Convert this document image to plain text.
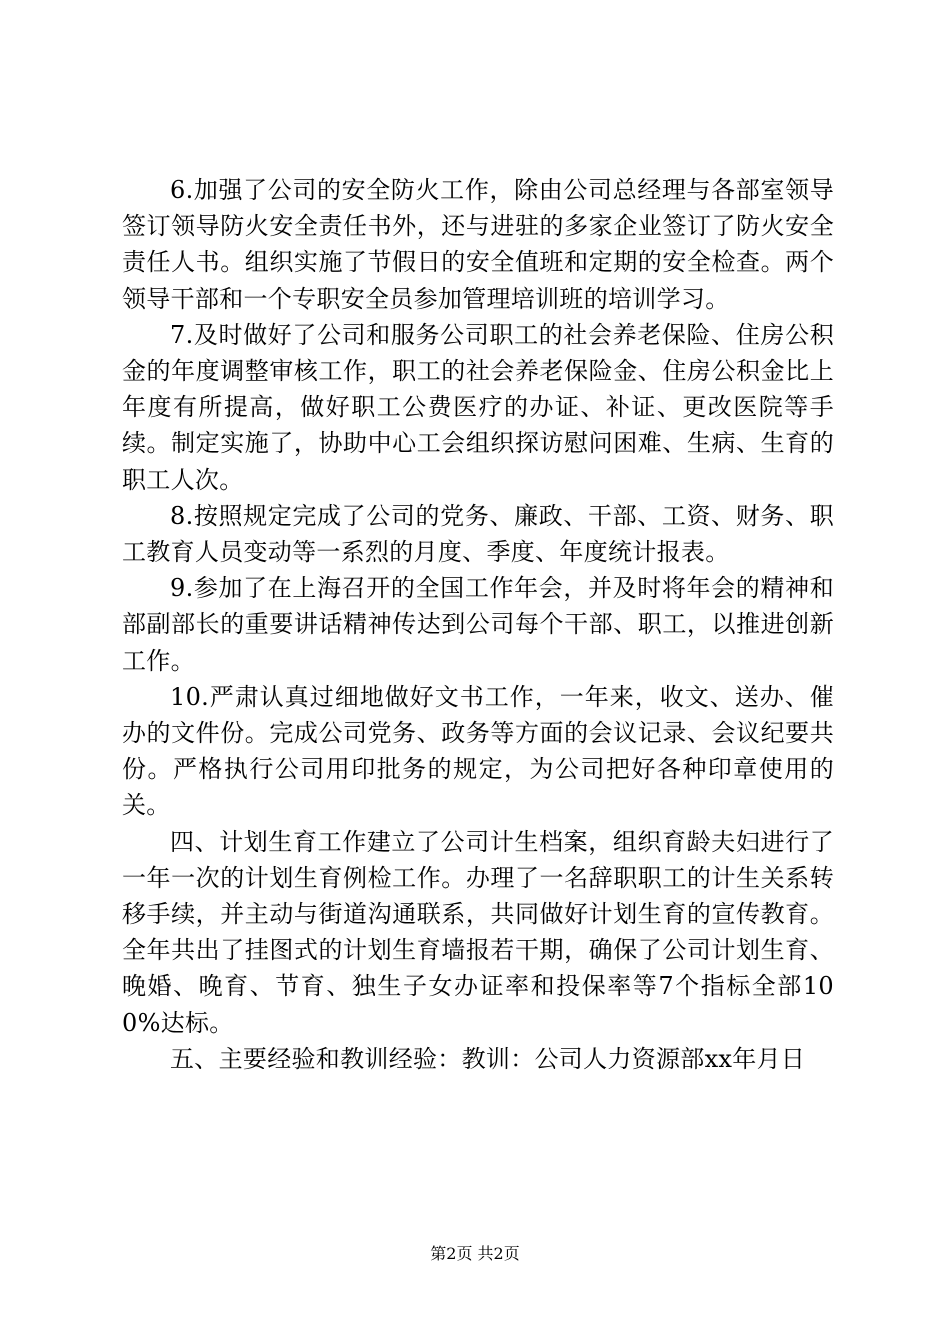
6.加强了公司的安全防火工作，除由公司总经理与各部室领导签订领导防火安全责任书外，还与进驻的多家企业签订了防火安全责任人书。组织实施了节假日的安全值班和定期的安全检查。两个领导干部和一个专职安全员参加管理培训班的培训学习。

7.及时做好了公司和服务公司职工的社会养老保险、住房公积金的年度调整审核工作，职工的社会养老保险金、住房公积金比上年度有所提高，做好职工公费医疗的办证、补证、更改医院等手续。制定实施了，协助中心工会组织探访慰问困难、生病、生育的职工人次。

8.按照规定完成了公司的党务、廉政、干部、工资、财务、职工教育人员变动等一系烈的月度、季度、年度统计报表。

9.参加了在上海召开的全国工作年会，并及时将年会的精神和部副部长的重要讲话精神传达到公司每个干部、职工，以推进创新工作。

10.严肃认真过细地做好文书工作，一年来，收文、送办、催办的文件份。完成公司党务、政务等方面的会议记录、会议纪要共份。严格执行公司用印批务的规定，为公司把好各种印章使用的关。

四、计划生育工作建立了公司计生档案，组织育龄夫妇进行了一年一次的计划生育例检工作。办理了一名辞职职工的计生关系转移手续，并主动与街道沟通联系，共同做好计划生育的宣传教育。全年共出了挂图式的计划生育墙报若干期，确保了公司计划生育、晚婚、晚育、节育、独生子女办证率和投保率等7个指标全部100%达标。

五、主要经验和教训经验：教训：公司人力资源部xx年月日

第2页 共2页
